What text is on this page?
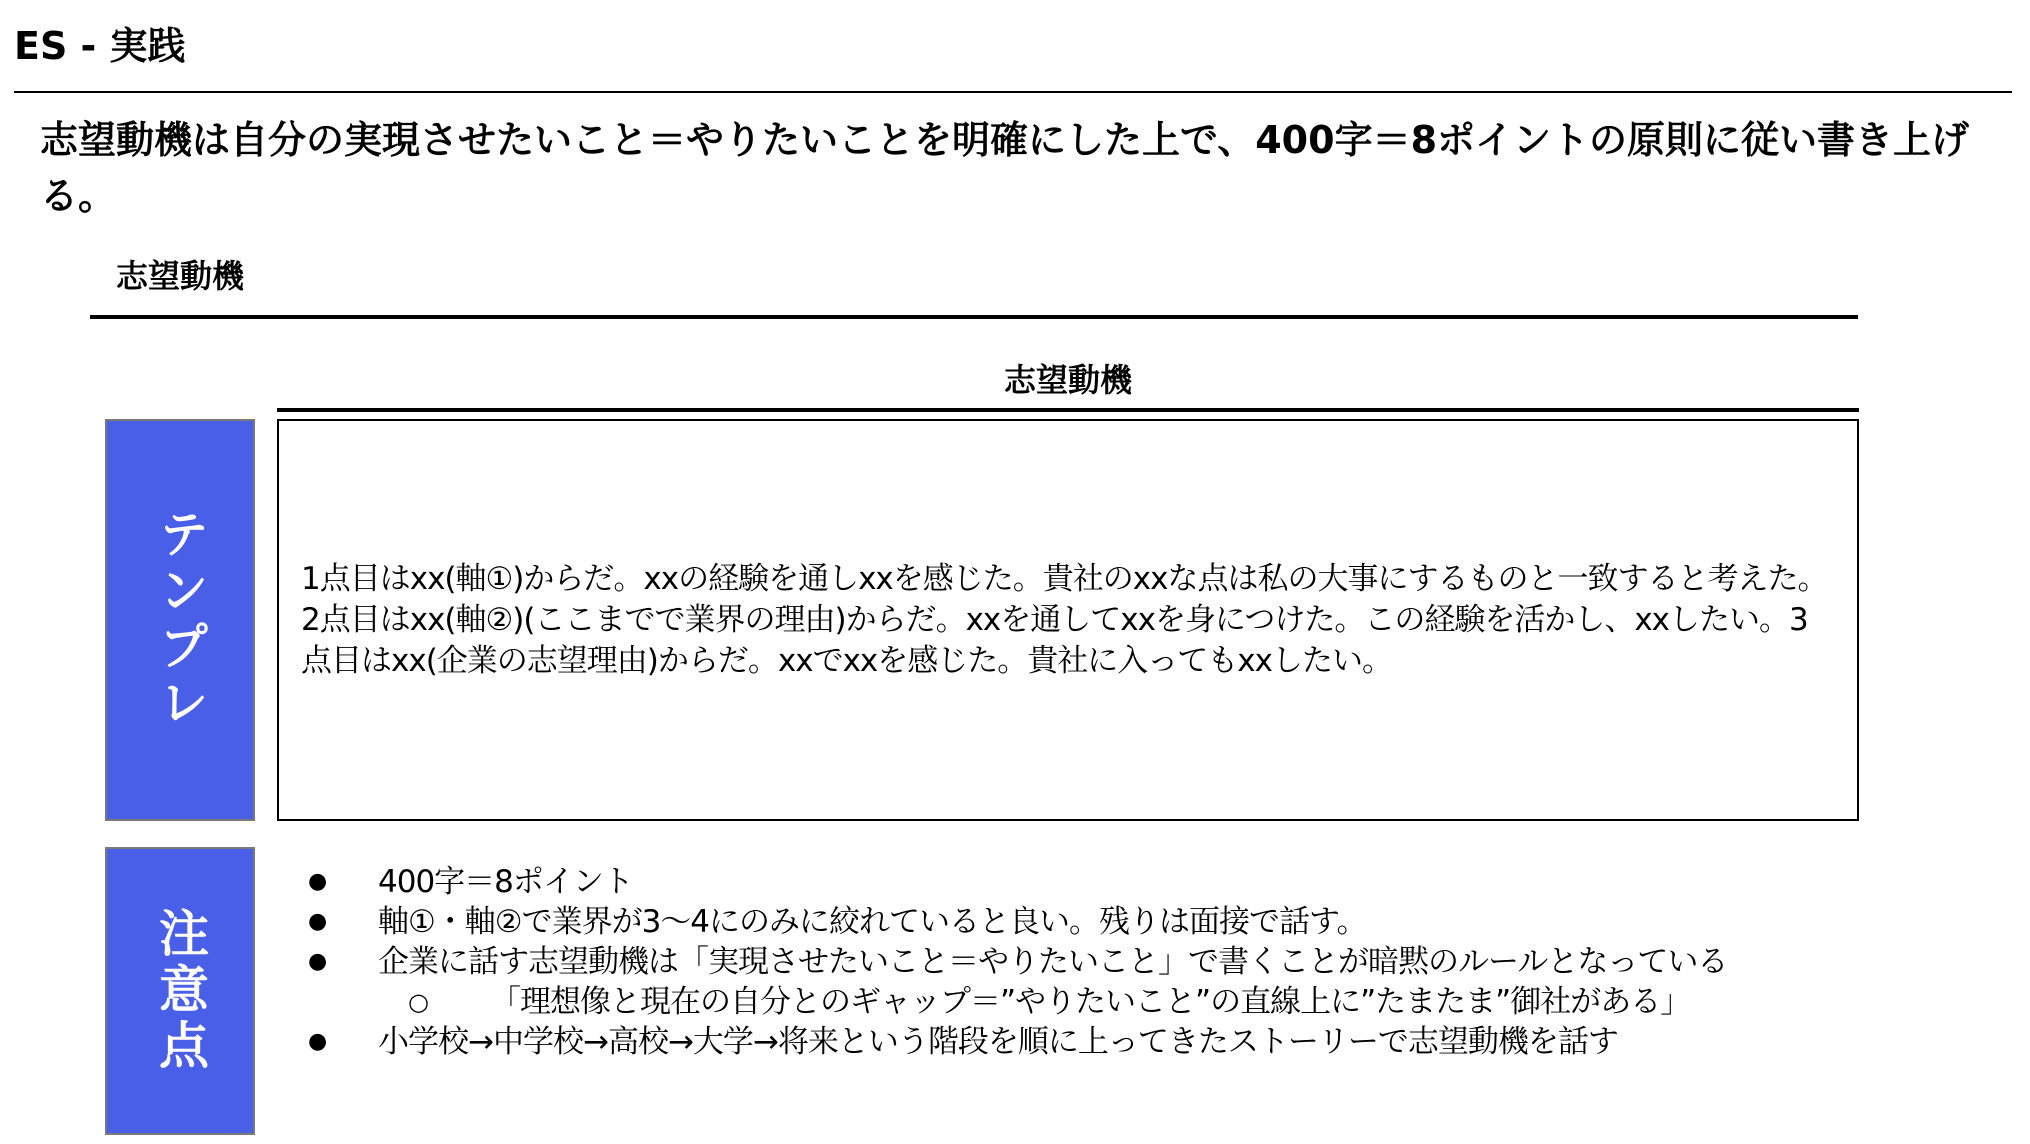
ES - 実践
志望動機は自分の実現させたいこと＝やりたいことを明確にした上で、400字＝8ポイントの原則に従い書き上げる。
志望動機
志望動機
テンプレ	1点目はxx(軸①)からだ。xxの経験を通しxxを感じた。貴社のxxな点は私の大事にするものと一致すると考えた。2点目はxx(軸②)(ここまでで業界の理由)からだ。xxを通してxxを身につけた。この経験を活かし、xxしたい。3点目はxx(企業の志望理由)からだ。xxでxxを感じた。貴社に入ってもxxしたい。
注意点

● 400字＝8ポイント

● 軸①・軸②で業界が3〜4にのみに絞れていると良い。残りは面接で話す。

● 企業に話す志望動機は「実現させたいこと＝やりたいこと」で書くことが暗黙のルールとなっている

○ 「理想像と現在の自分とのギャップ＝”やりたいこと”の直線上に”たまたま”御社がある」

● 小学校→中学校→高校→大学→将来という階段を順に上ってきたストーリーで志望動機を話す
